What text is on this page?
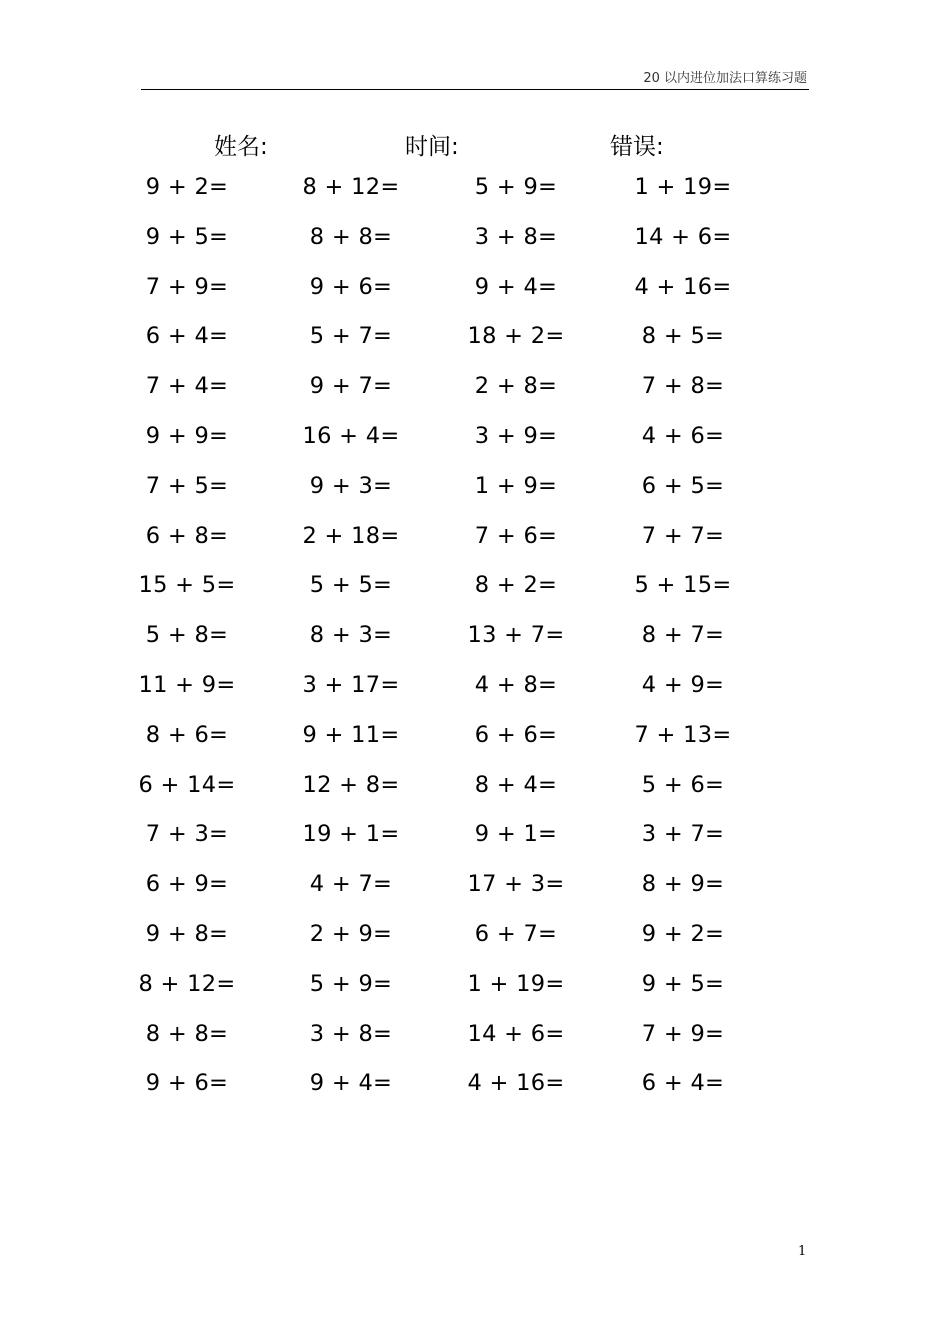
20 以内进位加法口算练习题
姓名:	时间:	错误:
9 + 2=	8 + 12=	5 + 9=	1 + 19=
9 + 5=	8 + 8=	3 + 8=	14 + 6=
7 + 9=	9 + 6=	9 + 4=	4 + 16=
6 + 4=	5 + 7=	18 + 2=	8 + 5=
7 + 4=	9 + 7=	2 + 8=	7 + 8=
9 + 9=	16 + 4=	3 + 9=	4 + 6=
7 + 5=	9 + 3=	1 + 9=	6 + 5=
6 + 8=	2 + 18=	7 + 6=	7 + 7=
15 + 5=	5 + 5=	8 + 2=	5 + 15=
5 + 8=	8 + 3=	13 + 7=	8 + 7=
11 + 9=	3 + 17=	4 + 8=	4 + 9=
8 + 6=	9 + 11=	6 + 6=	7 + 13=
6 + 14=	12 + 8=	8 + 4=	5 + 6=
7 + 3=	19 + 1=	9 + 1=	3 + 7=
6 + 9=	4 + 7=	17 + 3=	8 + 9=
9 + 8=	2 + 9=	6 + 7=	9 + 2=
8 + 12=	5 + 9=	1 + 19=	9 + 5=
8 + 8=	3 + 8=	14 + 6=	7 + 9=
9 + 6=	9 + 4=	4 + 16=	6 + 4=
1
